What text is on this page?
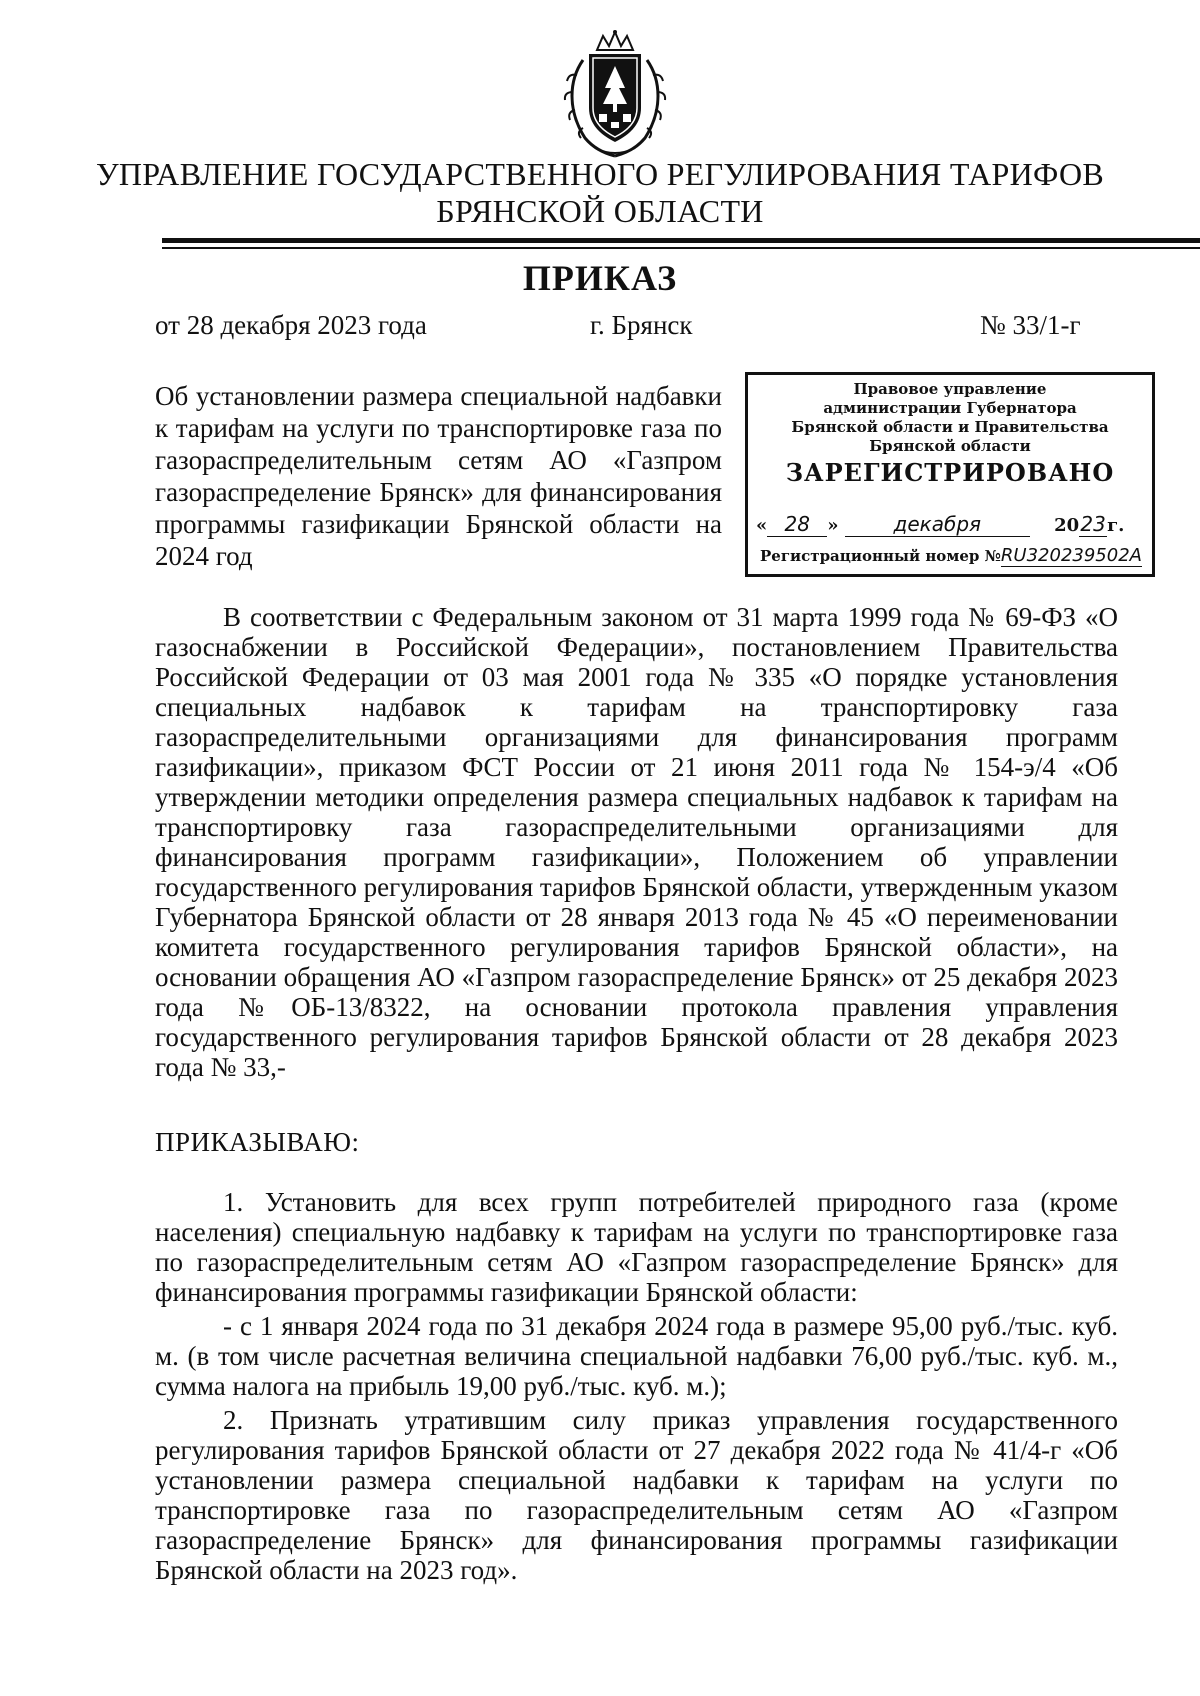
УПРАВЛЕНИЕ ГОСУДАРСТВЕННОГО РЕГУЛИРОВАНИЯ ТАРИФОВ
БРЯНСКОЙ ОБЛАСТИ
ПРИКАЗ
от 28 декабря 2023 года	г. Брянск	№ 33/1-г
Об установлении размера специальной надбавки к тарифам на услуги по транспортировке газа по газораспределительным сетям АО «Газпром газораспределение Брянск» для финансирования программы газификации Брянской области на 2024 год
Правовое управление
администрации Губернатора
Брянской области и Правительства
Брянской области
ЗАРЕГИСТРИРОВАНО
« 28 »	декабря	2023г.
Регистрационный номер №RU320239502А
В соответствии с Федеральным законом от 31 марта 1999 года № 69-ФЗ «О газоснабжении в Российской Федерации», постановлением Правительства Российской Федерации от 03 мая 2001 года № 335 «О порядке установления специальных надбавок к тарифам на транспортировку газа газораспределительными организациями для финансирования программ газификации», приказом ФСТ России от 21 июня 2011 года № 154-э/4 «Об утверждении методики определения размера специальных надбавок к тарифам на транспортировку газа газораспределительными организациями для финансирования программ газификации», Положением об управлении государственного регулирования тарифов Брянской области, утвержденным указом Губернатора Брянской области от 28 января 2013 года № 45 «О переименовании комитета государственного регулирования тарифов Брянской области», на основании обращения АО «Газпром газораспределение Брянск» от 25 декабря 2023 года №ОБ-13/8322, на основании протокола правления управления государственного регулирования тарифов Брянской области от 28 декабря 2023 года № 33,-
ПРИКАЗЫВАЮ:
1. Установить для всех групп потребителей природного газа (кроме населения) специальную надбавку к тарифам на услуги по транспортировке газа по газораспределительным сетям АО «Газпром газораспределение Брянск» для финансирования программы газификации Брянской области:
- с 1 января 2024 года по 31 декабря 2024 года в размере 95,00 руб./тыс. куб. м. (в том числе расчетная величина специальной надбавки 76,00 руб./тыс. куб. м., сумма налога на прибыль 19,00 руб./тыс. куб. м.);
2. Признать утратившим силу приказ управления государственного регулирования тарифов Брянской области от 27 декабря 2022 года № 41/4-г «Об установлении размера специальной надбавки к тарифам на услуги по транспортировке газа по газораспределительным сетям АО «Газпром газораспределение Брянск» для финансирования программы газификации Брянской области на 2023 год».
